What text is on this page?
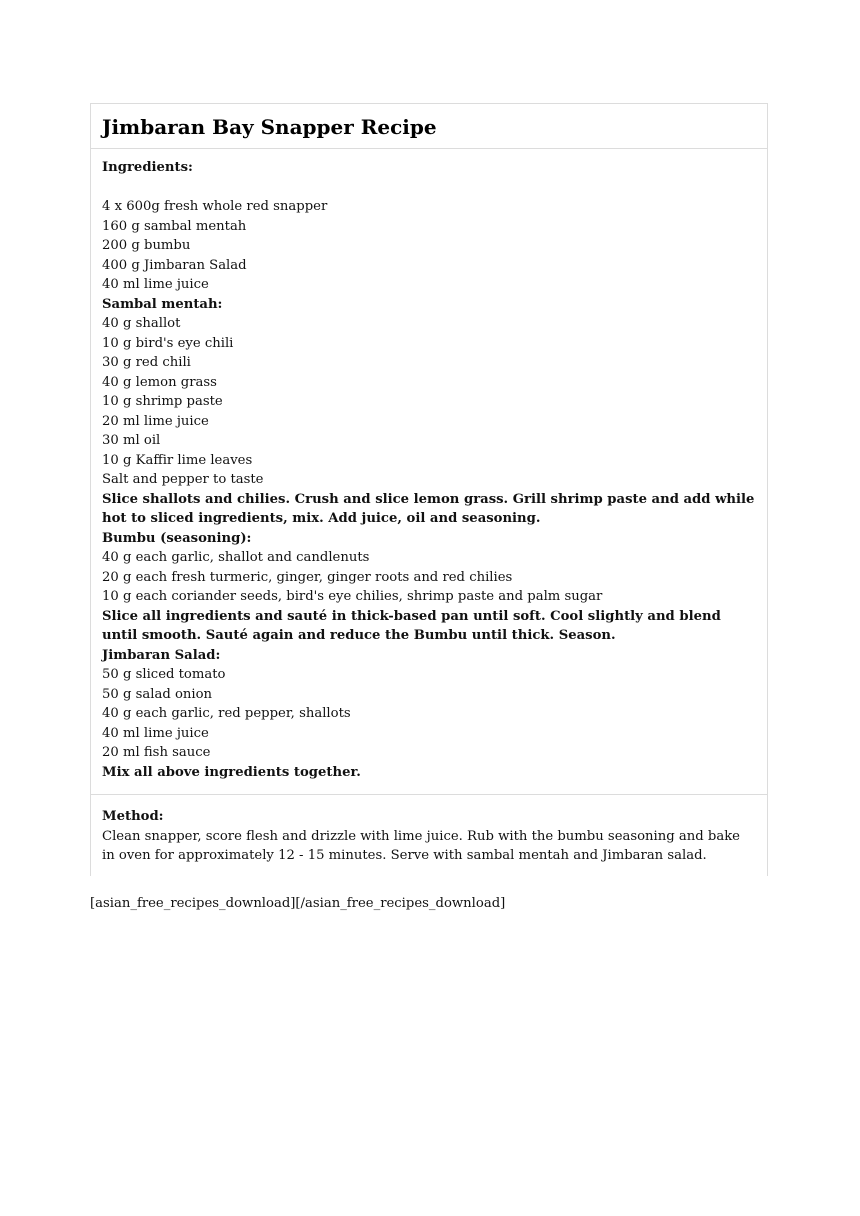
Jimbaran Bay Snapper Recipe
Ingredients:
4 x 600g fresh whole red snapper
160 g sambal mentah
200 g bumbu
400 g Jimbaran Salad
40 ml lime juice
Sambal mentah:
40 g shallot
10 g bird's eye chili
30 g red chili
40 g lemon grass
10 g shrimp paste
20 ml lime juice
30 ml oil
10 g Kaffir lime leaves
Salt and pepper to taste
Slice shallots and chilies. Crush and slice lemon grass. Grill shrimp paste and add while hot to sliced ingredients, mix. Add juice, oil and seasoning.
Bumbu (seasoning):
40 g each garlic, shallot and candlenuts
20 g each fresh turmeric, ginger, ginger roots and red chilies
10 g each coriander seeds, bird's eye chilies, shrimp paste and palm sugar
Slice all ingredients and sauté in thick-based pan until soft. Cool slightly and blend until smooth. Sauté again and reduce the Bumbu until thick. Season.
Jimbaran Salad:
50 g sliced tomato
50 g salad onion
40 g each garlic, red pepper, shallots
40 ml lime juice
20 ml fish sauce
Mix all above ingredients together.
Method:
Clean snapper, score flesh and drizzle with lime juice. Rub with the bumbu seasoning and bake in oven for approximately 12 - 15 minutes. Serve with sambal mentah and Jimbaran salad.
[asian_free_recipes_download][/asian_free_recipes_download]
